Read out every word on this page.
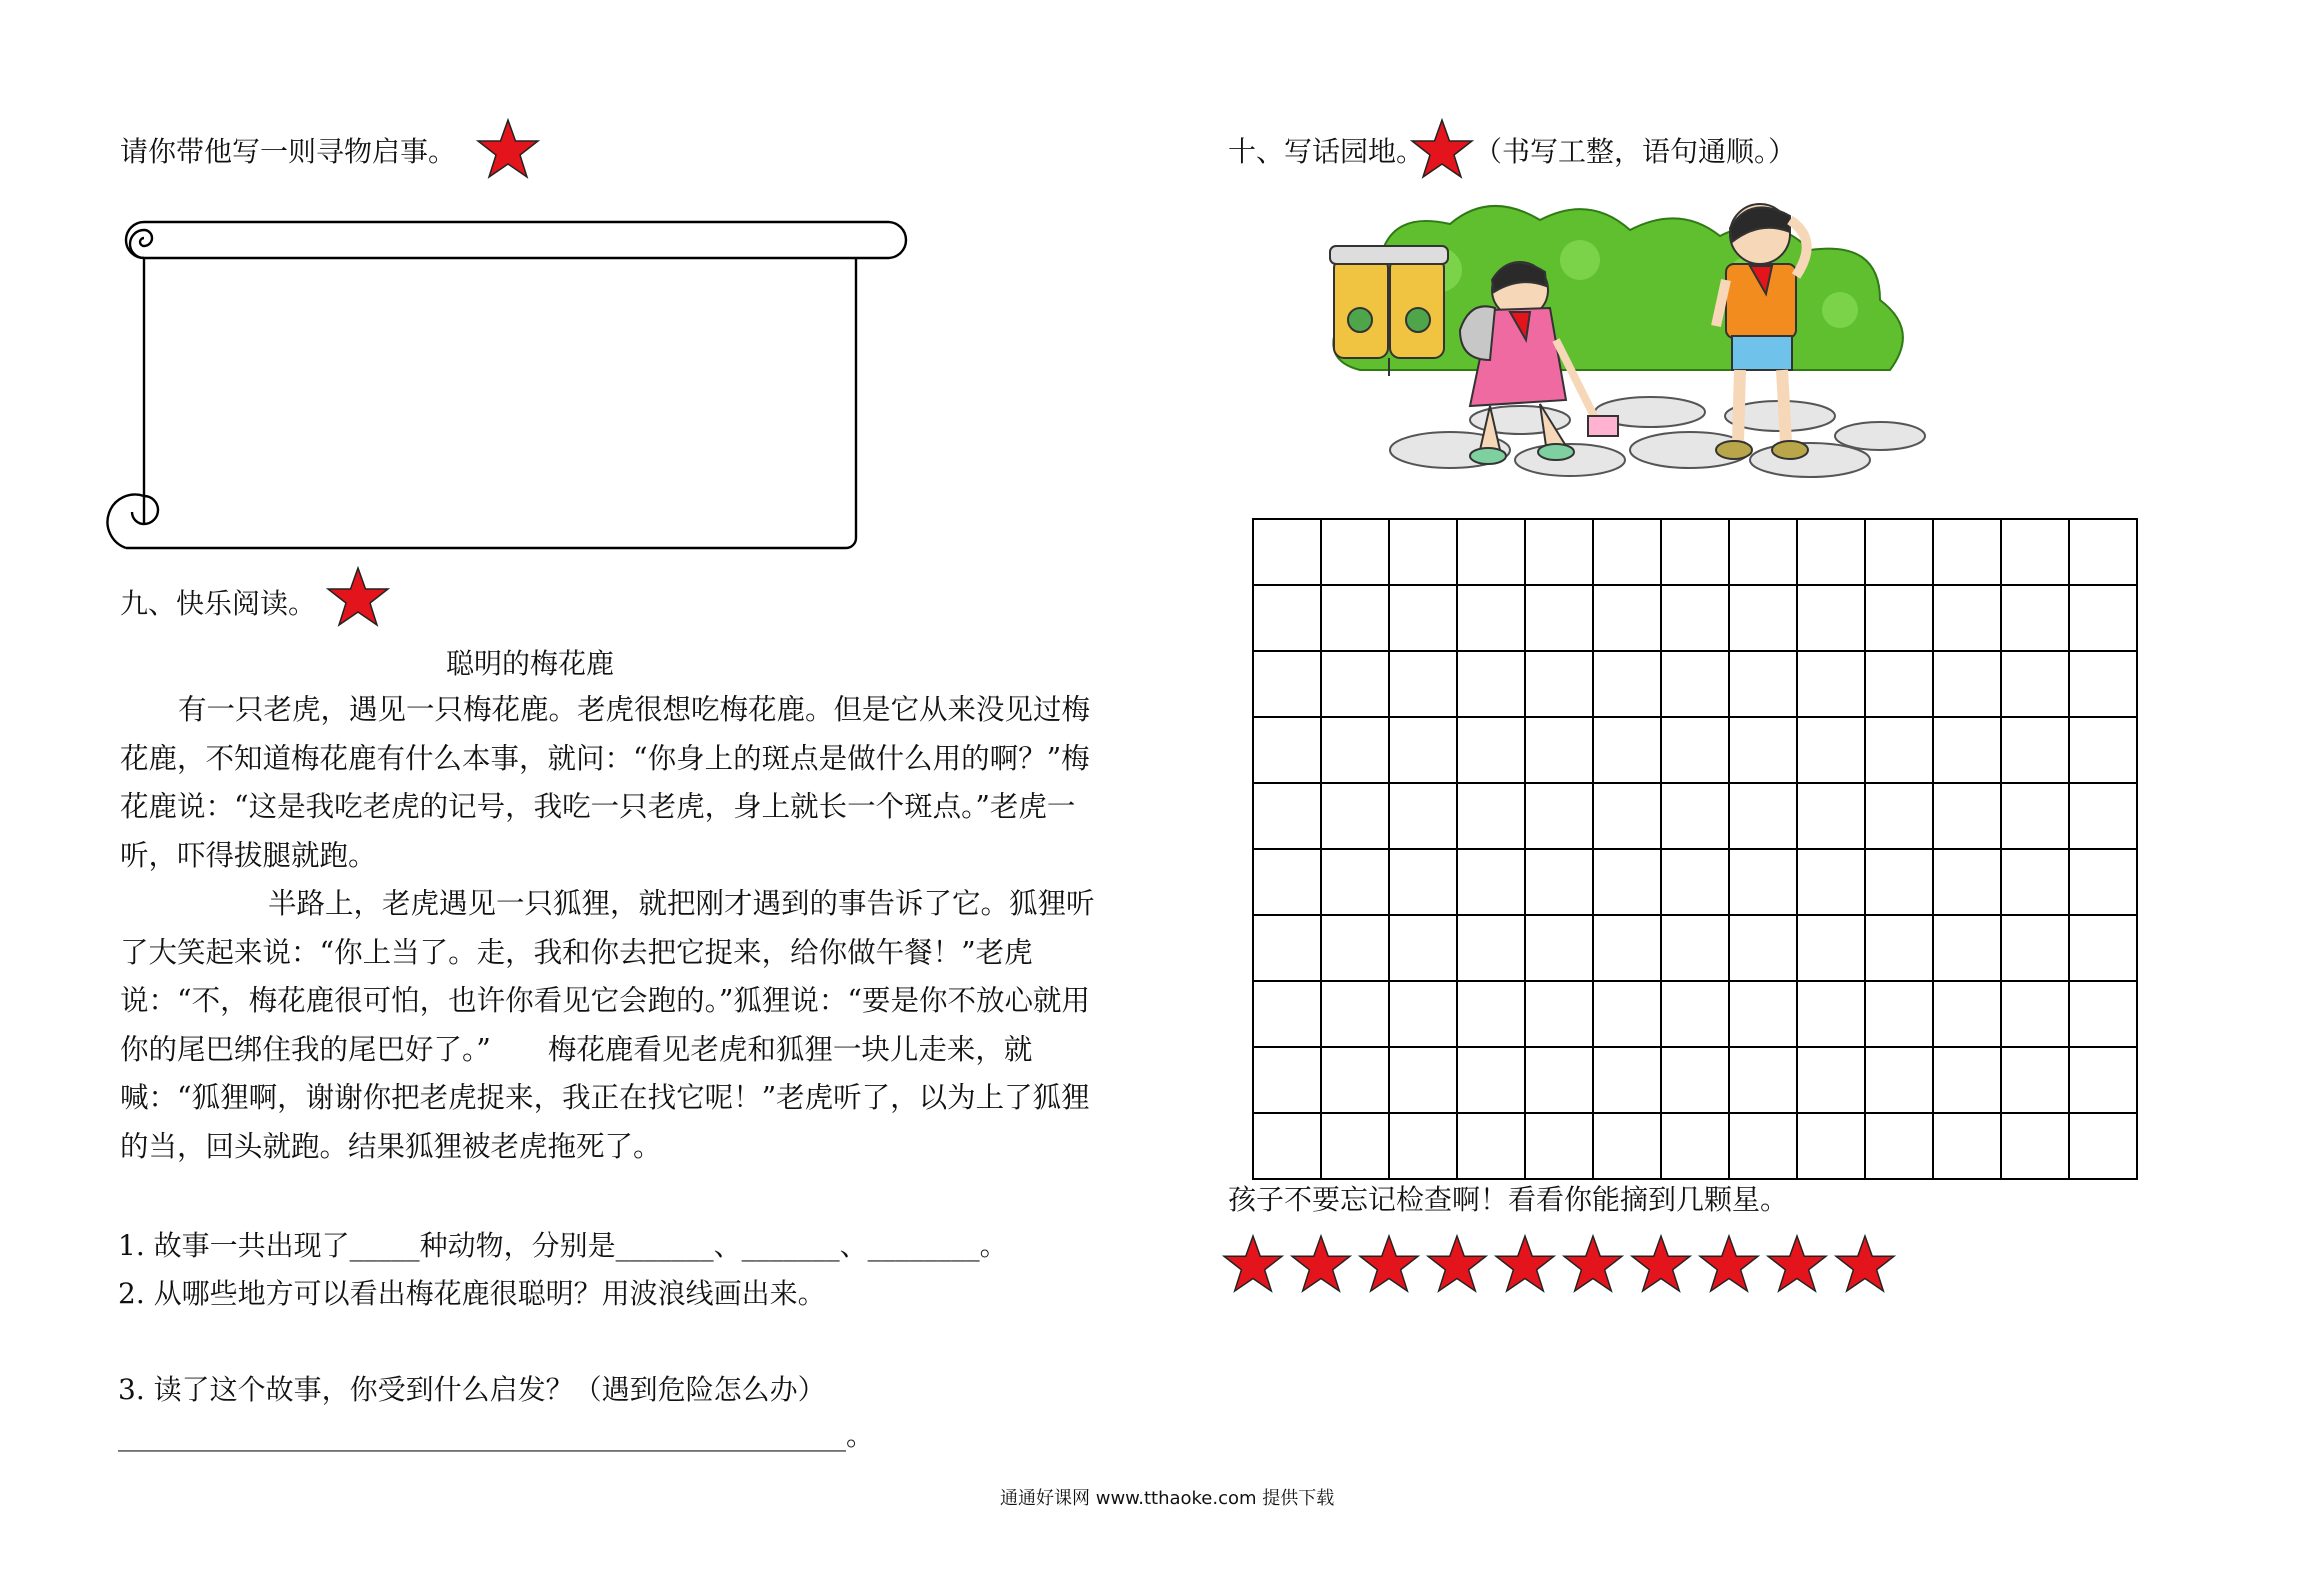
请你带他写一则寻物启事。
九、快乐阅读。
聪明的梅花鹿

有一只老虎，遇见一只梅花鹿。老虎很想吃梅花鹿。但是它从来没见过梅花鹿，不知道梅花鹿有什么本事，就问：“你身上的斑点是做什么用的啊？”梅花鹿说：“这是我吃老虎的记号，我吃一只老虎，身上就长一个斑点。”老虎一听，吓得拔腿就跑。

半路上，老虎遇见一只狐狸，就把刚才遇到的事告诉了它。狐狸听了大笑起来说：“你上当了。走，我和你去把它捉来，给你做午餐！”老虎说：“不，梅花鹿很可怕，也许你看见它会跑的。”狐狸说：“要是你不放心就用你的尾巴绑住我的尾巴好了。”　　梅花鹿看见老虎和狐狸一块儿走来，就喊：“狐狸啊，谢谢你把老虎捉来，我正在找它呢！”老虎听了，以为上了狐狸的当，回头就跑。结果狐狸被老虎拖死了。

1. 故事一共出现了_____种动物，分别是_______、_______、________。
2. 从哪些地方可以看出梅花鹿很聪明？用波浪线画出来。
3. 读了这个故事，你受到什么启发？（遇到危险怎么办）
____________________________________________________。
十、写话园地。 （书写工整，语句通顺。）

孩子不要忘记检查啊！看看你能摘到几颗星。
通通好课网 www.tthaoke.com 提供下载
